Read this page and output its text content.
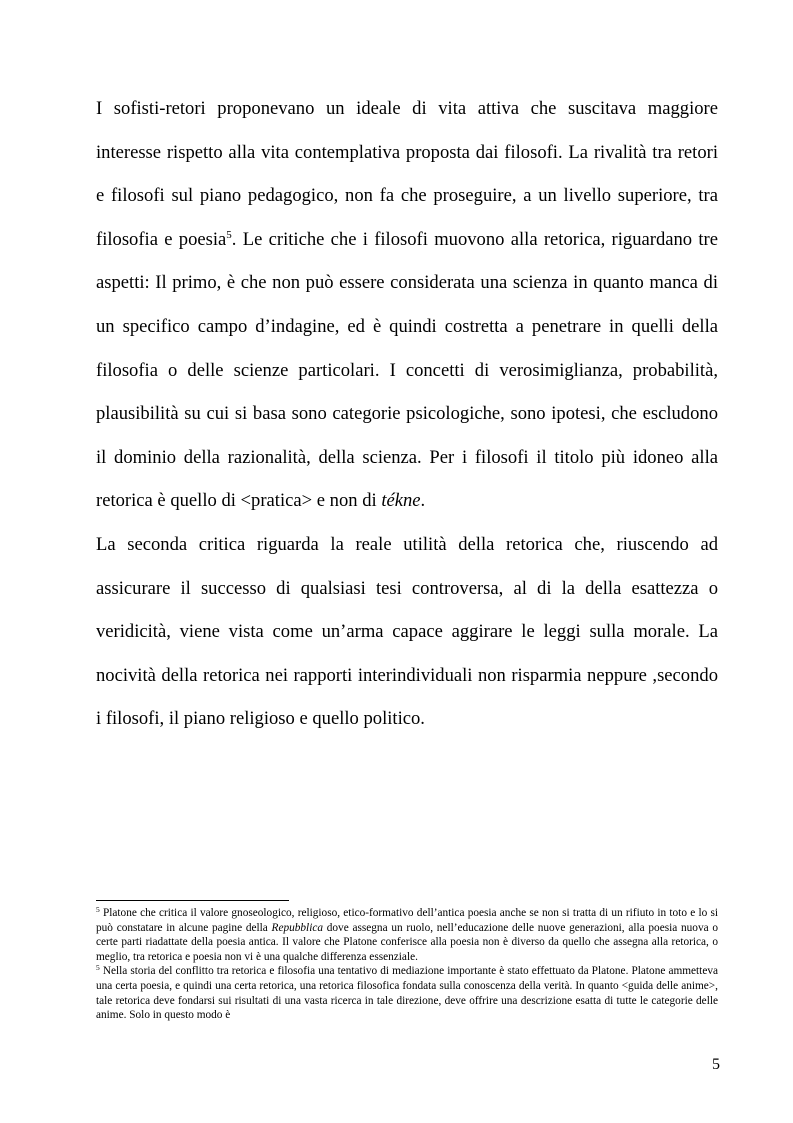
I sofisti-retori proponevano un ideale di vita attiva che suscitava maggiore interesse rispetto alla vita contemplativa proposta dai filosofi. La rivalità tra retori e filosofi sul piano pedagogico, non fa che proseguire, a un livello superiore, tra filosofia e poesia$^5$. Le critiche che i filosofi muovono alla retorica, riguardano tre aspetti: Il primo, è che non può essere considerata una scienza in quanto manca di un specifico campo d’indagine, ed è quindi costretta a penetrare in quelli della filosofia o delle scienze particolari. I concetti di verosimiglianza, probabilità, plausibilità su cui si basa sono categorie psicologiche, sono ipotesi, che escludono il dominio della razionalità, della scienza. Per i filosofi il titolo più idoneo alla retorica è quello di <pratica> e non di tékne.

La seconda critica riguarda la reale utilità della retorica che, riuscendo ad assicurare il successo di qualsiasi tesi controversa, al di la della esattezza o veridicità, viene vista come un’arma capace aggirare le leggi sulla morale. La nocività della retorica nei rapporti interindividuali non risparmia neppure ,secondo i filosofi, il piano religioso e quello politico.

$^5$ Platone che critica il valore gnoseologico, religioso, etico-formativo dell’antica poesia anche se non si tratta di un rifiuto in toto e lo si può constatare in alcune pagine della Repubblica dove assegna un ruolo, nell’educazione delle nuove generazioni, alla poesia nuova o certe parti riadattate della poesia antica. Il valore che Platone conferisce alla poesia non è diverso da quello che assegna alla retorica, o meglio, tra retorica e poesia non vi è una qualche differenza essenziale.

$^5$ Nella storia del conflitto tra retorica e filosofia una tentativo di mediazione importante è stato effettuato da Platone. Platone ammetteva una certa poesia, e quindi una certa retorica, una retorica filosofica fondata sulla conoscenza della verità. In quanto <guida delle anime>, tale retorica deve fondarsi sui risultati di una vasta ricerca in tale direzione, deve offrire una descrizione esatta di tutte le categorie delle anime. Solo in questo modo è

5
